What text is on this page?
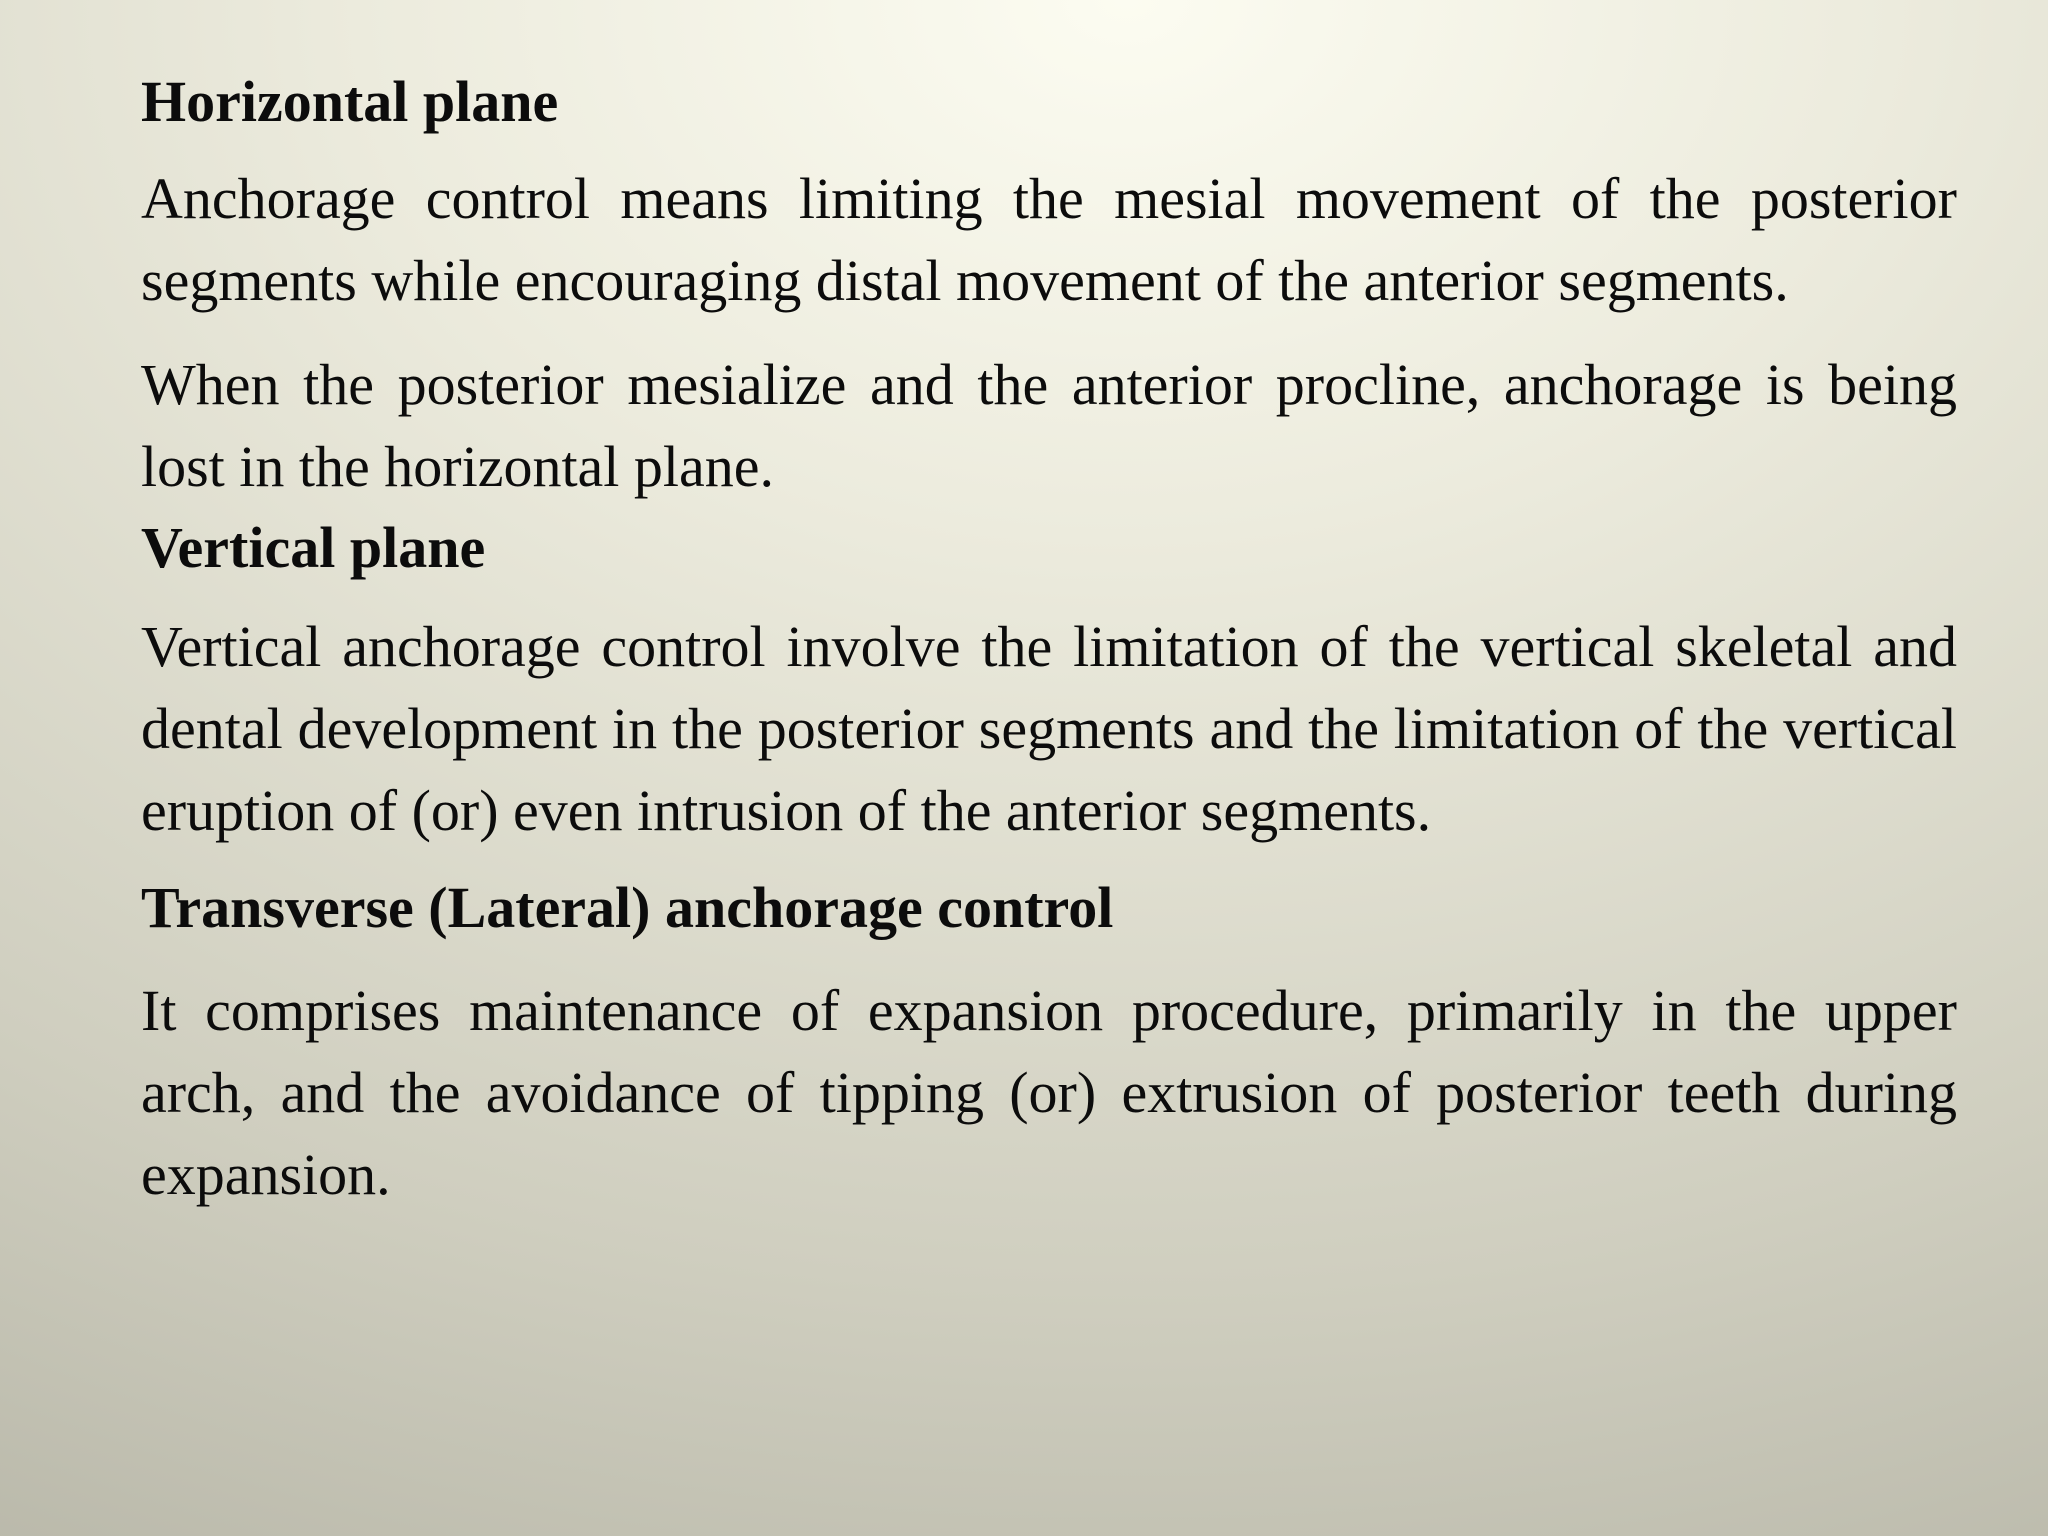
Horizontal plane

Anchorage control means limiting the mesial movement of the posterior segments while encouraging distal movement of the anterior segments.

When the posterior mesialize and the anterior procline, anchorage is being lost in the horizontal plane.

Vertical plane

Vertical anchorage control involve the limitation of the vertical skeletal and dental development in the posterior segments and the limitation of the vertical eruption of (or) even intrusion of the anterior segments.

Transverse (Lateral) anchorage control

It comprises maintenance of expansion procedure, primarily in the upper arch, and the avoidance of tipping (or) extrusion of posterior teeth during expansion.
